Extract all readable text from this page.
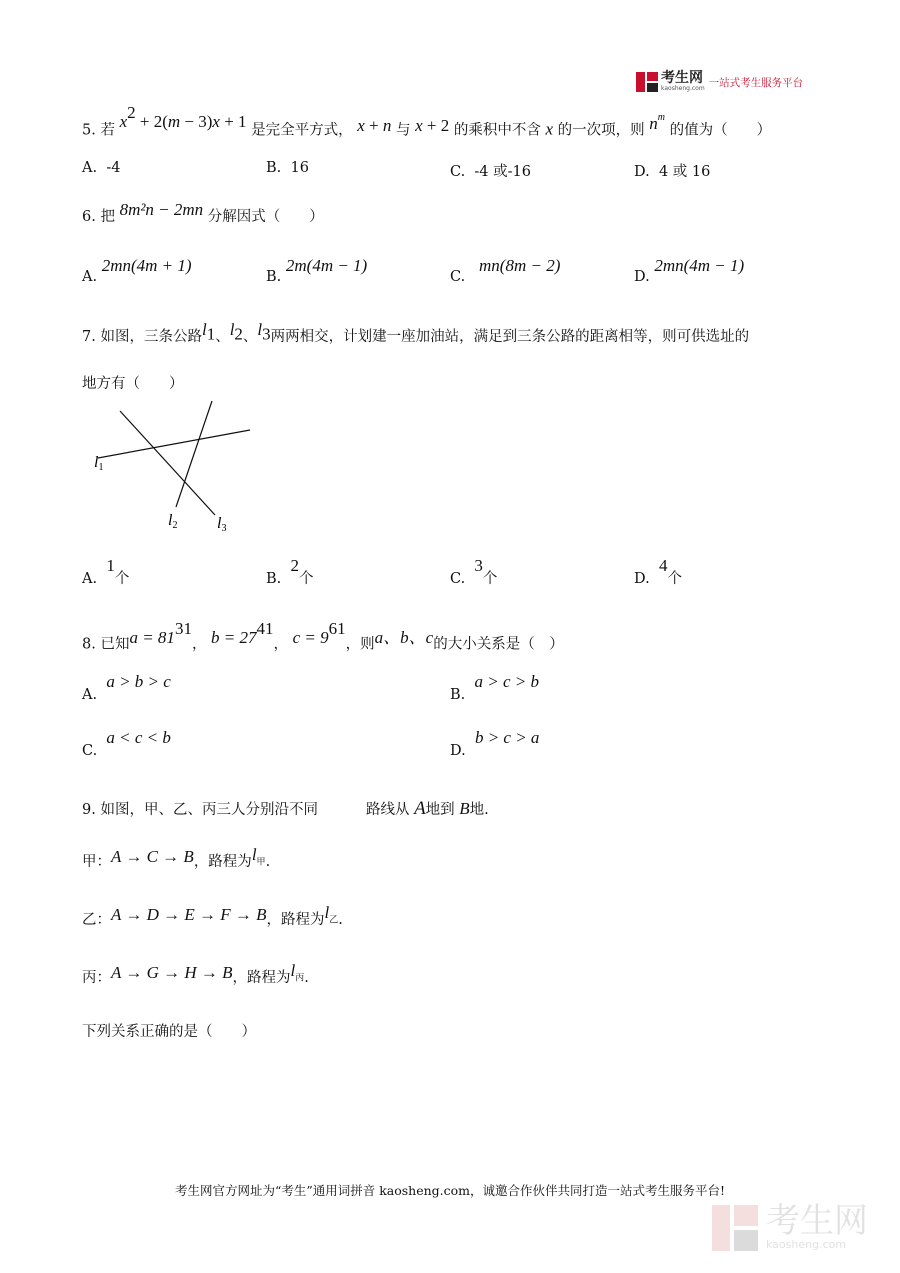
考生网
kaosheng.com 一站式考生服务平台
5. 若 $x^2 + 2(m - 3)x + 1$ 是完全平方式， x + n 与 x + 2 的乘积中不含 x 的一次项，则 $n^m$ 的值为（　　）
A. -4	B. 16	C. -4 或-16	D. 4 或 16
6. 把 8m²n − 2mn 分解因式（　　）
A. 2mn(4m + 1)
B. 2m(4m − 1)
C.   mn(8m − 2)
D. 2mn(4m − 1)
7. 如图，三条公路$l_1$、$l_2$、$l_3$两两相交，计划建一座加油站，满足到三条公路的距离相等，则可供选址的
地方有（　　）
l1
l2 l3
A.  1个	B.  2个	C.  3个	D.  4个
8. 已知$a = 81^{31}$， $b = 27^{41}$， $c = 9^{61}$，则a、b、c的大小关系是（　）
A.  a > b > c
B.  a > c > b
C.  a < c < b
D.  b > c > a
9. 如图，甲、乙、丙三人分别沿不同	路线从 A地到 B地.
甲：A → C → B，路程为$l_甲$.
乙：A → D → E → F → B，路程为$l_乙$.
丙：A → G → H → B，路程为$l_丙$.
下列关系正确的是（　　）
考生网官方网址为“考生”通用词拼音 kaosheng.com，诚邀合作伙伴共同打造一站式考生服务平台!
考生网
kaosheng.com
